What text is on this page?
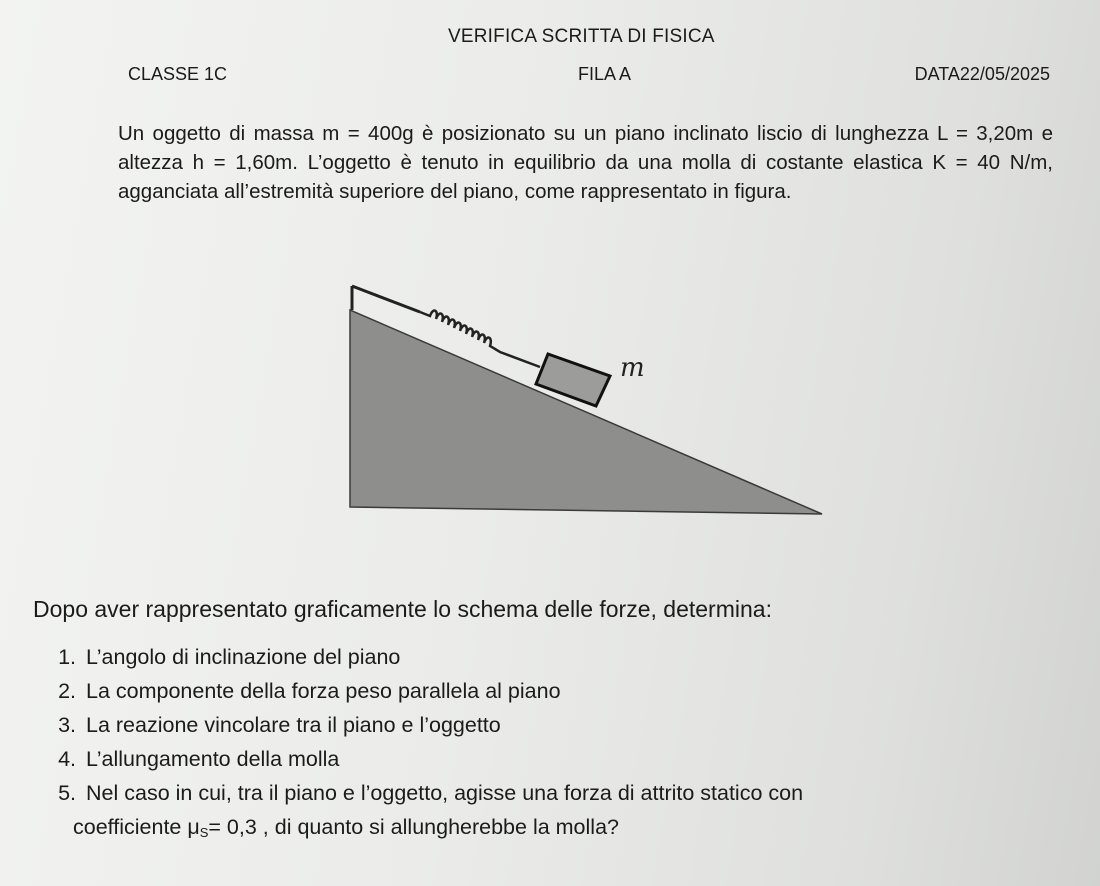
VERIFICA SCRITTA DI FISICA
CLASSE 1C	FILA A	DATA22/05/2025

Un oggetto di massa m = 400g è posizionato su un piano inclinato liscio di lunghezza L = 3,20m e altezza h = 1,60m. L’oggetto è tenuto in equilibrio da una molla di costante elastica K = 40 N/m, agganciata all’estremità superiore del piano, come rappresentato in figura.

m
Dopo aver rappresentato graficamente lo schema delle forze, determina:
1. L’angolo di inclinazione del piano
2. La componente della forza peso parallela al piano
3. La reazione vincolare tra il piano e l’oggetto
4. L’allungamento della molla
5. Nel caso in cui, tra il piano e l’oggetto, agisse una forza di attrito statico con
coefficiente μS= 0,3 , di quanto si allungherebbe la molla?
